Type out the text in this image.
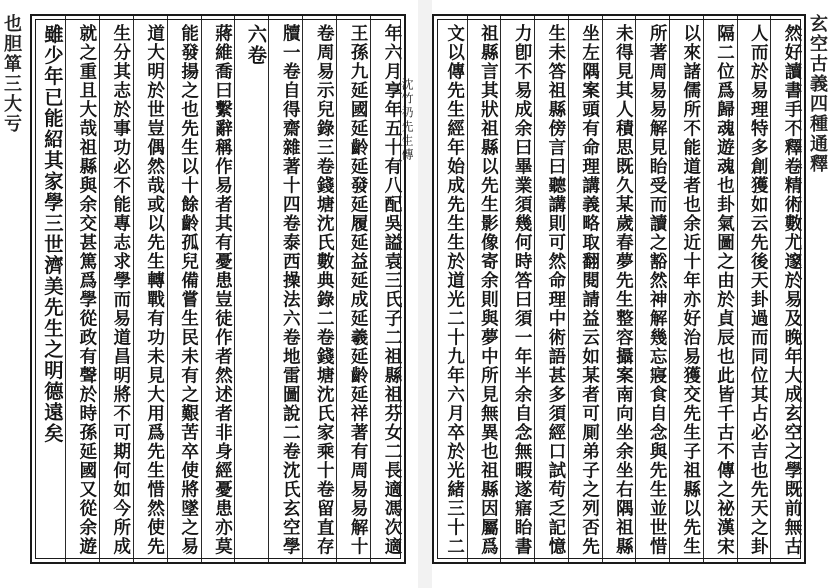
也胆箪三大亏	年六月享年五十有八配吳謚袁三氏子二祖縣祖芬女二長適馮次適
王孫九延國延齡延發延履延益延成延羲延齡延祥著有周易易解十
卷周易示兒錄三卷錢塘沈氏數典錄二卷錢塘沈氏家乘十卷留直存
牘一卷自得齋雜著十四卷泰西操法六卷地雷圖說二卷沈氏玄空學
六卷
蔣維喬曰繫辭稱作易者其有憂患豈徒作者然述者非身經憂患亦莫
能發揚之也先生以十餘齡孤兒備嘗生民未有之艱苦卒使將墜之易
道大明於世豈偶然哉或以先生轉戰有功未見大用爲先生惜然使先
生分其志於事功必不能專志求學而易道昌明將不可期何如今所成
就之重且大哉祖縣與余交甚篤爲學從政有聲於時孫延國又從余遊
雖少年已能紹其家學三世濟美先生之明德遠矣	沈竹礽先生傳	然好讀書手不釋卷精術數尤邃於易及晚年大成玄空之學既前無古
人而於易理特多創獲如云先後天卦過而同位其占必吉也先天之卦
隔二位爲歸魂遊魂也卦氣圖之由於貞辰也此皆千古不傳之祕漢宋
以來諸儒所不能道者也余近十年亦好治易獲交先生子祖縣以先生
所著周易易解見眙受而讀之豁然神解幾忘寢食自念與先生並世惜
未得見其人積思既久某歲春夢先生整容攝案南向坐余坐右隅祖縣
坐左隅案頭有命理講義略取翻閱請益云如某者可厠弟子之列否先
生未答祖縣傍言曰聽講則可然命理中術語甚多須經口試苟乏記憶
力卽不易成余曰畢業須幾何時答曰須一年半余自念無暇遂寤眙書
祖縣言其狀祖縣以先生影像寄余則與夢中所見無異也祖縣因屬爲
文以傳先生經年始成先生生於道光二十九年六月卒於光緒三十二	玄空古義四種通釋
